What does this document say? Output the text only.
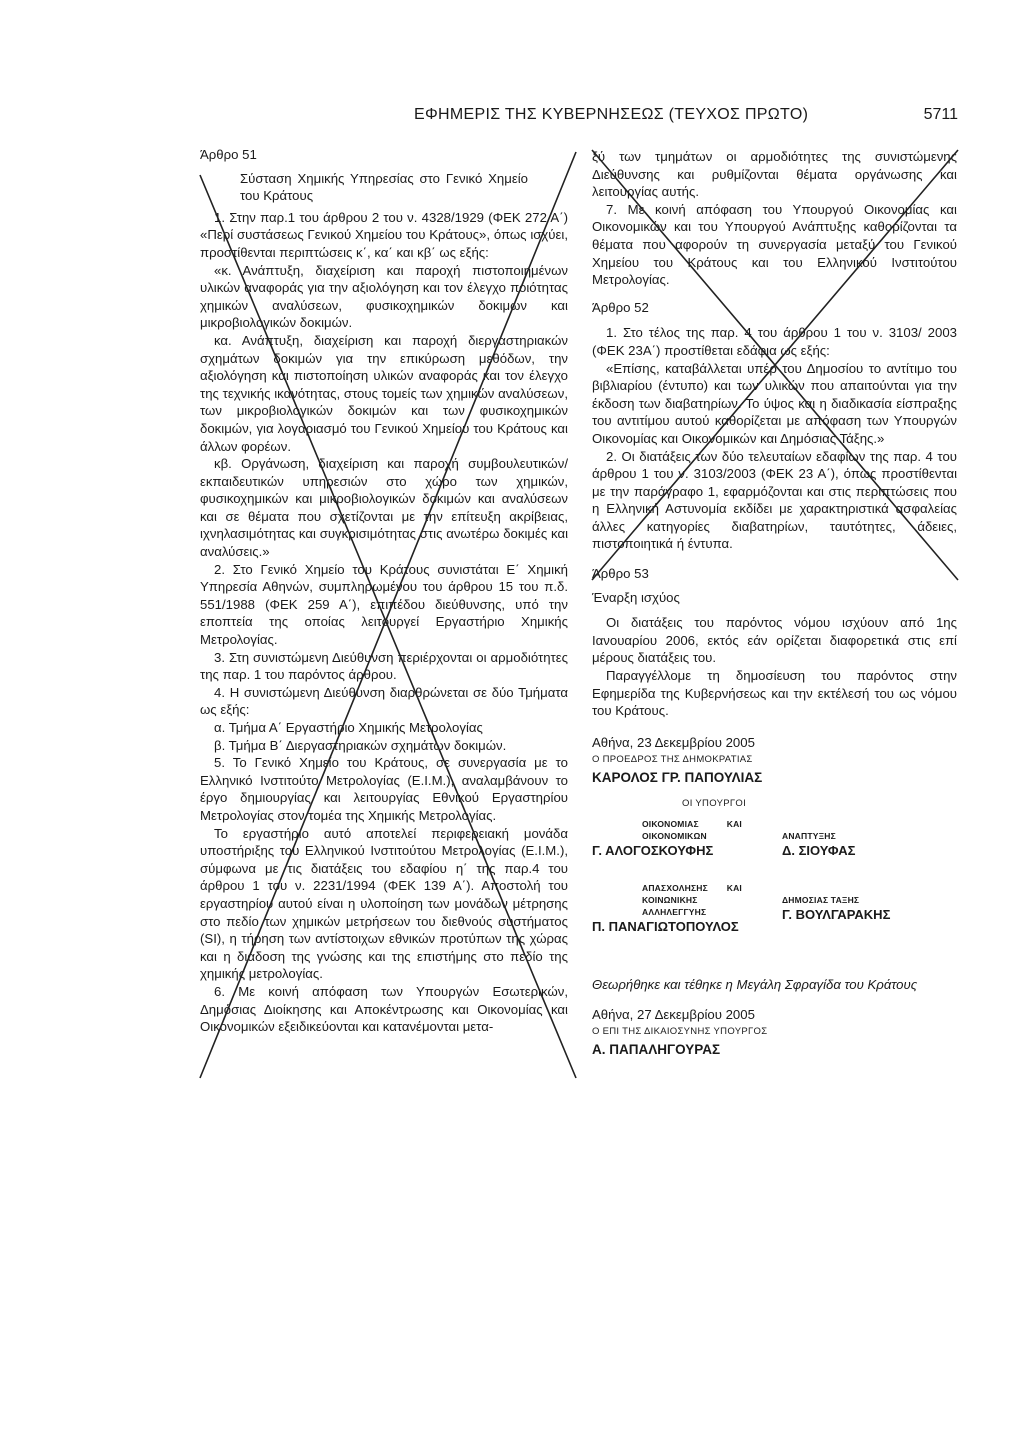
ΕΦΗΜΕΡΙΣ ΤΗΣ ΚΥΒΕΡΝΗΣΕΩΣ (ΤΕΥΧΟΣ ΠΡΩΤΟ)	5711

Άρθρο 51

Σύσταση Χημικής Υπηρεσίας στο Γενικό Χημείο του Κράτους

1. Στην παρ.1 του άρθρου 2 του ν. 4328/1929 (ΦΕΚ 272 Α΄) «Περί συστάσεως Γενικού Χημείου του Κράτους», όπως ισχύει, προστίθενται περιπτώσεις κ΄, κα΄ και κβ΄ ως εξής:

«κ. Ανάπτυξη, διαχείριση και παροχή πιστοποιημένων υλικών αναφοράς για την αξιολόγηση και τον έλεγχο ποιότητας χημικών αναλύσεων, φυσικοχημικών δοκιμών και μικροβιολογικών δοκιμών.

κα. Ανάπτυξη, διαχείριση και παροχή διεργαστηριακών σχημάτων δοκιμών για την επικύρωση μεθόδων, την αξιολόγηση και πιστοποίηση υλικών αναφοράς και τον έλεγχο της τεχνικής ικανότητας, στους τομείς των χημικών αναλύσεων, των μικροβιολογικών δοκιμών και των φυσικοχημικών δοκιμών, για λογαριασμό του Γενικού Χημείου του Κράτους και άλλων φορέων.

κβ. Οργάνωση, διαχείριση και παροχή συμβουλευτικών/εκπαιδευτικών υπηρεσιών στο χώρο των χημικών, φυσικοχημικών και μικροβιολογικών δοκιμών και αναλύσεων και σε θέματα που σχετίζονται με την επίτευξη ακρίβειας, ιχνηλασιμότητας και συγκρισιμότητας στις ανωτέρω δοκιμές και αναλύσεις.»

2. Στο Γενικό Χημείο του Κράτους συνιστάται Ε΄ Χημική Υπηρεσία Αθηνών, συμπληρωμένου του άρθρου 15 του π.δ. 551/1988 (ΦΕΚ 259 Α΄), επιπέδου διεύθυνσης, υπό την εποπτεία της οποίας λειτουργεί Εργαστήριο Χημικής Μετρολογίας.

3. Στη συνιστώμενη Διεύθυνση περιέρχονται οι αρμοδιότητες της παρ. 1 του παρόντος άρθρου.

4. Η συνιστώμενη Διεύθυνση διαρθρώνεται σε δύο Τμήματα ως εξής:

α. Τμήμα Α΄ Εργαστήριο Χημικής Μετρολογίας

β. Τμήμα Β΄ Διεργαστηριακών σχημάτων δοκιμών.

5. Το Γενικό Χημείο του Κράτους, σε συνεργασία με το Ελληνικό Ινστιτούτο Μετρολογίας (Ε.Ι.Μ.), αναλαμβάνουν το έργο δημιουργίας και λειτουργίας Εθνικού Εργαστηρίου Μετρολογίας στον τομέα της Χημικής Μετρολογίας.

Το εργαστήριο αυτό αποτελεί περιφερειακή μονάδα υποστήριξης του Ελληνικού Ινστιτούτου Μετρολογίας (Ε.Ι.Μ.), σύμφωνα με τις διατάξεις του εδαφίου η΄ της παρ.4 του άρθρου 1 του ν. 2231/1994 (ΦΕΚ 139 Α΄). Αποστολή του εργαστηρίου αυτού είναι η υλοποίηση των μονάδων μέτρησης στο πεδίο των χημικών μετρήσεων του διεθνούς συστήματος (SI), η τήρηση των αντίστοιχων εθνικών προτύπων της χώρας και η διάδοση της γνώσης και της επιστήμης στο πεδίο της χημικής μετρολογίας.

6. Με κοινή απόφαση των Υπουργών Εσωτερικών, Δημόσιας Διοίκησης και Αποκέντρωσης και Οικονομίας και Οικονομικών εξειδικεύονται και κατανέμονται μετα-

ξύ των τμημάτων οι αρμοδιότητες της συνιστώμενης Διεύθυνσης και ρυθμίζονται θέματα οργάνωσης και λειτουργίας αυτής.

7. Με κοινή απόφαση του Υπουργού Οικονομίας και Οικονομικών και του Υπουργού Ανάπτυξης καθορίζονται τα θέματα που αφορούν τη συνεργασία μεταξύ του Γενικού Χημείου του Κράτους και του Ελληνικού Ινστιτούτου Μετρολογίας.

Άρθρο 52

1. Στο τέλος της παρ. 4 του άρθρου 1 του ν. 3103/ 2003 (ΦΕΚ 23Α΄) προστίθεται εδάφια ως εξής:

«Επίσης, καταβάλλεται υπέρ του Δημοσίου το αντίτιμο του βιβλιαρίου (έντυπο) και των υλικών που απαιτούνται για την έκδοση των διαβατηρίων. Το ύψος και η διαδικασία είσπραξης του αντιτίμου αυτού καθορίζεται με απόφαση των Υπουργών Οικονομίας και Οικονομικών και Δημόσιας Τάξης.»

2. Οι διατάξεις των δύο τελευταίων εδαφίων της παρ. 4 του άρθρου 1 του ν. 3103/2003 (ΦΕΚ 23 Α΄), όπως προστίθενται με την παράγραφο 1, εφαρμόζονται και στις περιπτώσεις που η Ελληνική Αστυνομία εκδίδει με χαρακτηριστικά ασφαλείας άλλες κατηγορίες διαβατηρίων, ταυτότητες, άδειες, πιστοποιητικά ή έντυπα.

Άρθρο 53

Έναρξη ισχύος

Οι διατάξεις του παρόντος νόμου ισχύουν από 1ης Ιανουαρίου 2006, εκτός εάν ορίζεται διαφορετικά στις επί μέρους διατάξεις του.

Παραγγέλλομε τη δημοσίευση του παρόντος στην Εφημερίδα της Κυβερνήσεως και την εκτέλεσή του ως νόμου του Κράτους.

Αθήνα, 23 Δεκεμβρίου 2005

Ο ΠΡΟΕΔΡΟΣ ΤΗΣ ΔΗΜΟΚΡΑΤΙΑΣ

ΚΑΡΟΛΟΣ ΓΡ. ΠΑΠΟΥΛΙΑΣ

ΟΙ ΥΠΟΥΡΓΟΙ

ΟΙΚΟΝΟΜΙΑΣ ΚΑΙ ΟΙΚΟΝΟΜΙΚΩΝ

Γ. ΑΛΟΓΟΣΚΟΥΦΗΣ

ΑΝΑΠΤΥΞΗΣ

Δ. ΣΙΟΥΦΑΣ

ΑΠΑΣΧΟΛΗΣΗΣ ΚΑΙ ΚΟΙΝΩΝΙΚΗΣ ΑΛΛΗΛΕΓΓΥΗΣ

Π. ΠΑΝΑΓΙΩΤΟΠΟΥΛΟΣ

ΔΗΜΟΣΙΑΣ ΤΑΞΗΣ

Γ. ΒΟΥΛΓΑΡΑΚΗΣ

Θεωρήθηκε και τέθηκε η Μεγάλη Σφραγίδα του Κράτους

Αθήνα, 27 Δεκεμβρίου 2005

Ο ΕΠΙ ΤΗΣ ΔΙΚΑΙΟΣΥΝΗΣ ΥΠΟΥΡΓΟΣ

Α. ΠΑΠΑΛΗΓΟΥΡΑΣ
